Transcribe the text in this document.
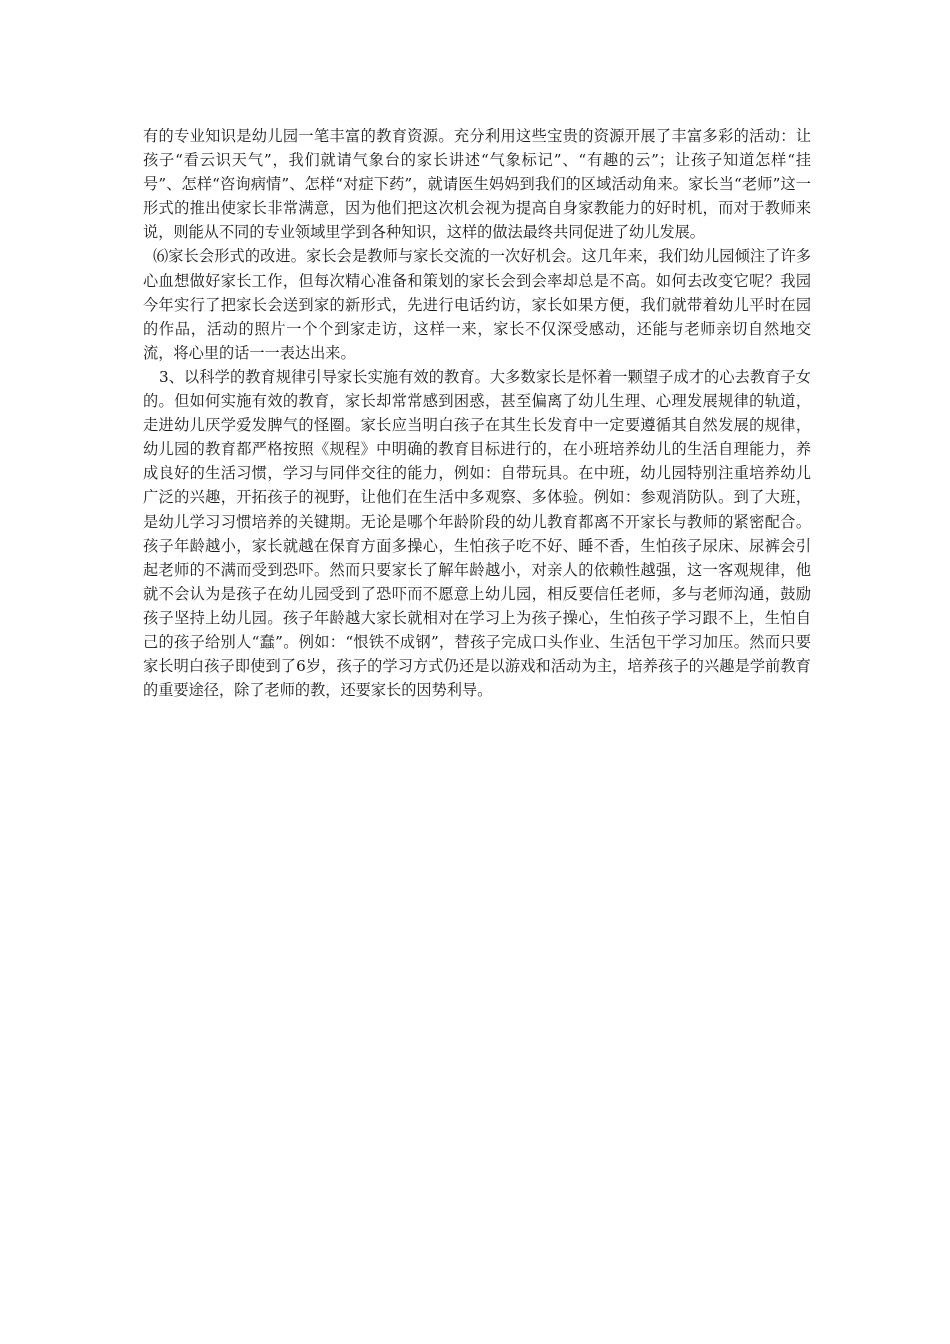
有的专业知识是幼儿园一笔丰富的教育资源。充分利用这些宝贵的资源开展了丰富多彩的活动：让孩子“看云识天气”，我们就请气象台的家长讲述“气象标记”、“有趣的云”；让孩子知道怎样“挂号”、怎样“咨询病情”、怎样“对症下药”，就请医生妈妈到我们的区域活动角来。家长当“老师”这一形式的推出使家长非常满意，因为他们把这次机会视为提高自身家教能力的好时机，而对于教师来说，则能从不同的专业领域里学到各种知识，这样的做法最终共同促进了幼儿发展。

⑹家长会形式的改进。家长会是教师与家长交流的一次好机会。这几年来，我们幼儿园倾注了许多心血想做好家长工作，但每次精心准备和策划的家长会到会率却总是不高。如何去改变它呢？我园今年实行了把家长会送到家的新形式，先进行电话约访，家长如果方便，我们就带着幼儿平时在园的作品，活动的照片一个个到家走访，这样一来，家长不仅深受感动，还能与老师亲切自然地交流，将心里的话一一表达出来。

3、以科学的教育规律引导家长实施有效的教育。大多数家长是怀着一颗望子成才的心去教育子女的。但如何实施有效的教育，家长却常常感到困惑，甚至偏离了幼儿生理、心理发展规律的轨道，走进幼儿厌学爱发脾气的怪圈。家长应当明白孩子在其生长发育中一定要遵循其自然发展的规律，幼儿园的教育都严格按照《规程》中明确的教育目标进行的，在小班培养幼儿的生活自理能力，养成良好的生活习惯，学习与同伴交往的能力，例如：自带玩具。在中班，幼儿园特别注重培养幼儿广泛的兴趣，开拓孩子的视野，让他们在生活中多观察、多体验。例如：参观消防队。到了大班，是幼儿学习习惯培养的关键期。无论是哪个年龄阶段的幼儿教育都离不开家长与教师的紧密配合。孩子年龄越小，家长就越在保育方面多操心，生怕孩子吃不好、睡不香，生怕孩子尿床、尿裤会引起老师的不满而受到恐吓。然而只要家长了解年龄越小，对亲人的依赖性越强，这一客观规律，他就不会认为是孩子在幼儿园受到了恐吓而不愿意上幼儿园，相反要信任老师，多与老师沟通，鼓励孩子坚持上幼儿园。孩子年龄越大家长就相对在学习上为孩子操心，生怕孩子学习跟不上，生怕自己的孩子给别人“蠢”。例如：“恨铁不成钢”，替孩子完成口头作业、生活包干学习加压。然而只要家长明白孩子即使到了6岁，孩子的学习方式仍还是以游戏和活动为主，培养孩子的兴趣是学前教育的重要途径，除了老师的教，还要家长的因势利导。
